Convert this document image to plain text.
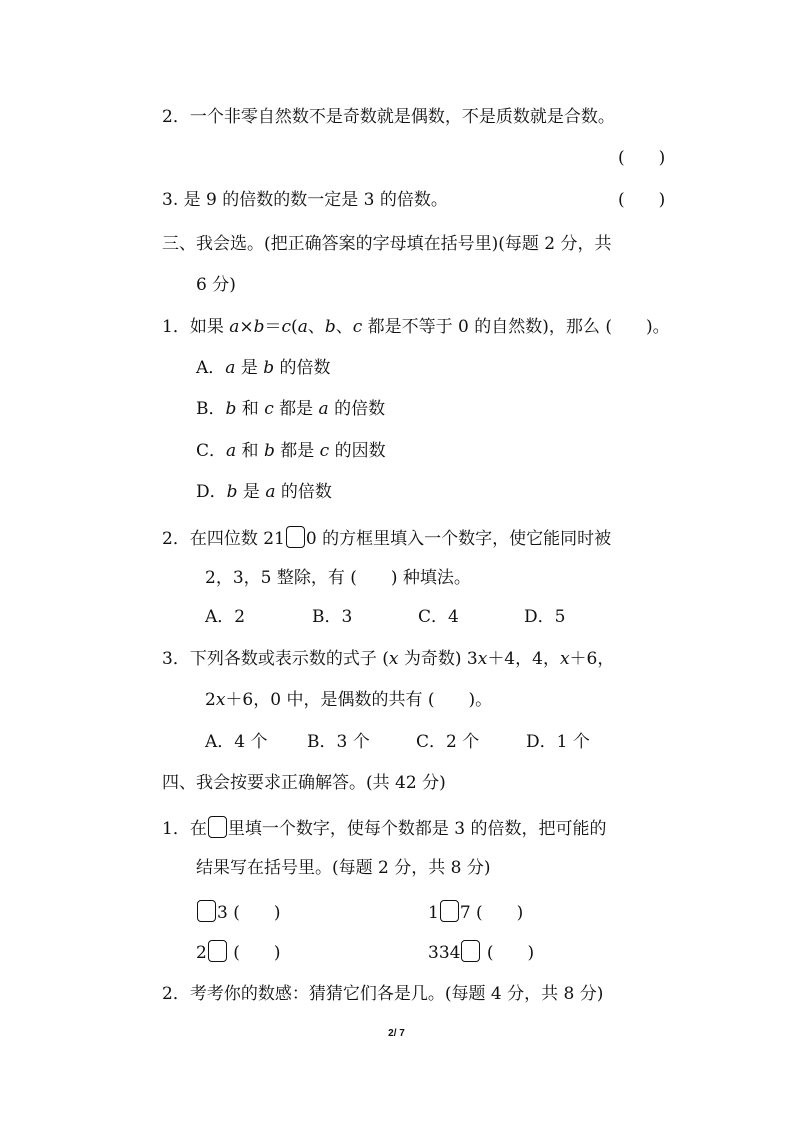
2．一个非零自然数不是奇数就是偶数，不是质数就是合数。
(　　)
3. 是 9 的倍数的数一定是 3 的倍数。	(　　)
三、我会选。(把正确答案的字母填在括号里)(每题 2 分，共
6 分)
1．如果 a×b＝c(a、b、c 都是不等于 0 的自然数)，那么 (　　)。
A．a 是 b 的倍数
B．b 和 c 都是 a 的倍数
C．a 和 b 都是 c 的因数
D．b 是 a 的倍数
2．在四位数 21 0 的方框里填入一个数字，使它能同时被
2，3，5 整除，有 (　　) 种填法。
A．2	B．3	C．4	D．5
3．下列各数或表示数的式子 (x 为奇数) 3x＋4，4，x＋6，
2x＋6，0 中，是偶数的共有 (　　)。
A．4 个 B．3 个	C．2 个	D．1 个
四、我会按要求正确解答。(共 42 分)
1．在 里填一个数字，使每个数都是 3 的倍数，把可能的
结果写在括号里。(每题 2 分，共 8 分)
3 (　　)	1 7 (　　)
2 (　　)	334 (　　)
2．考考你的数感：猜猜它们各是几。(每题 4 分，共 8 分)
2/ 7
